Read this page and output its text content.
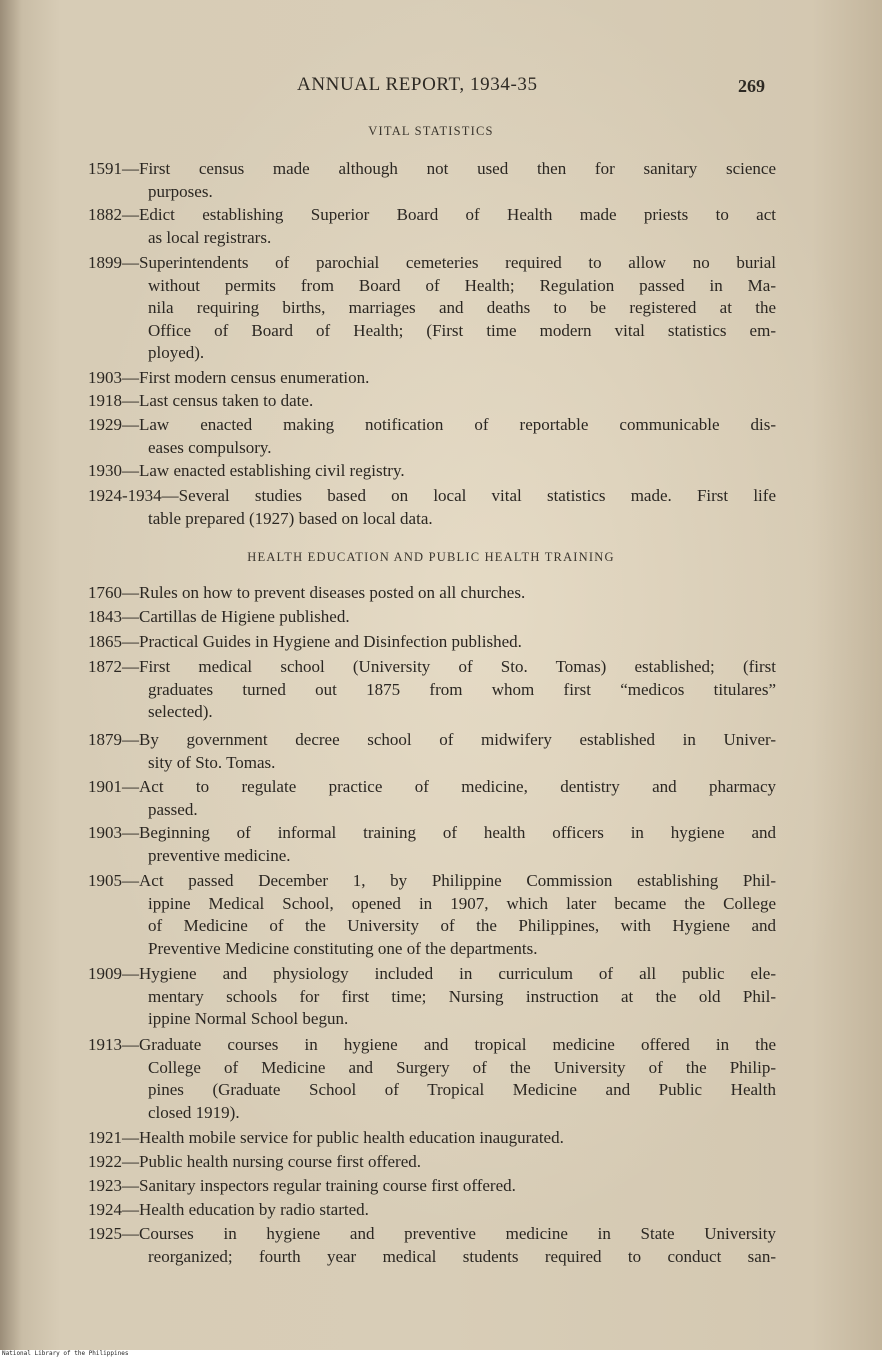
ANNUAL REPORT, 1934-35	269
VITAL STATISTICS
1591—First census made although not used then for sanitary science
purposes.
1882—Edict establishing Superior Board of Health made priests to act
as local registrars.
1899—Superintendents of parochial cemeteries required to allow no burial
without permits from Board of Health; Regulation passed in Ma-
nila requiring births, marriages and deaths to be registered at the
Office of Board of Health; (First time modern vital statistics em-
ployed).
1903—First modern census enumeration.
1918—Last census taken to date.
1929—Law enacted making notification of reportable communicable dis-
eases compulsory.
1930—Law enacted establishing civil registry.
1924-1934—Several studies based on local vital statistics made. First life
table prepared (1927) based on local data.
HEALTH EDUCATION AND PUBLIC HEALTH TRAINING
1760—Rules on how to prevent diseases posted on all churches.
1843—Cartillas de Higiene published.
1865—Practical Guides in Hygiene and Disinfection published.
1872—First medical school (University of Sto. Tomas) established; (first
graduates turned out 1875 from whom first “medicos titulares”
selected).
1879—By government decree school of midwifery established in Univer-
sity of Sto. Tomas.
1901—Act to regulate practice of medicine, dentistry and pharmacy
passed.
1903—Beginning of informal training of health officers in hygiene and
preventive medicine.
1905—Act passed December 1, by Philippine Commission establishing Phil-
ippine Medical School, opened in 1907, which later became the College
of Medicine of the University of the Philippines, with Hygiene and
Preventive Medicine constituting one of the departments.
1909—Hygiene and physiology included in curriculum of all public ele-
mentary schools for first time; Nursing instruction at the old Phil-
ippine Normal School begun.
1913—Graduate courses in hygiene and tropical medicine offered in the
College of Medicine and Surgery of the University of the Philip-
pines (Graduate School of Tropical Medicine and Public Health
closed 1919).
1921—Health mobile service for public health education inaugurated.
1922—Public health nursing course first offered.
1923—Sanitary inspectors regular training course first offered.
1924—Health education by radio started.
1925—Courses in hygiene and preventive medicine in State University
reorganized; fourth year medical students required to conduct san-
National Library of the Philippines
